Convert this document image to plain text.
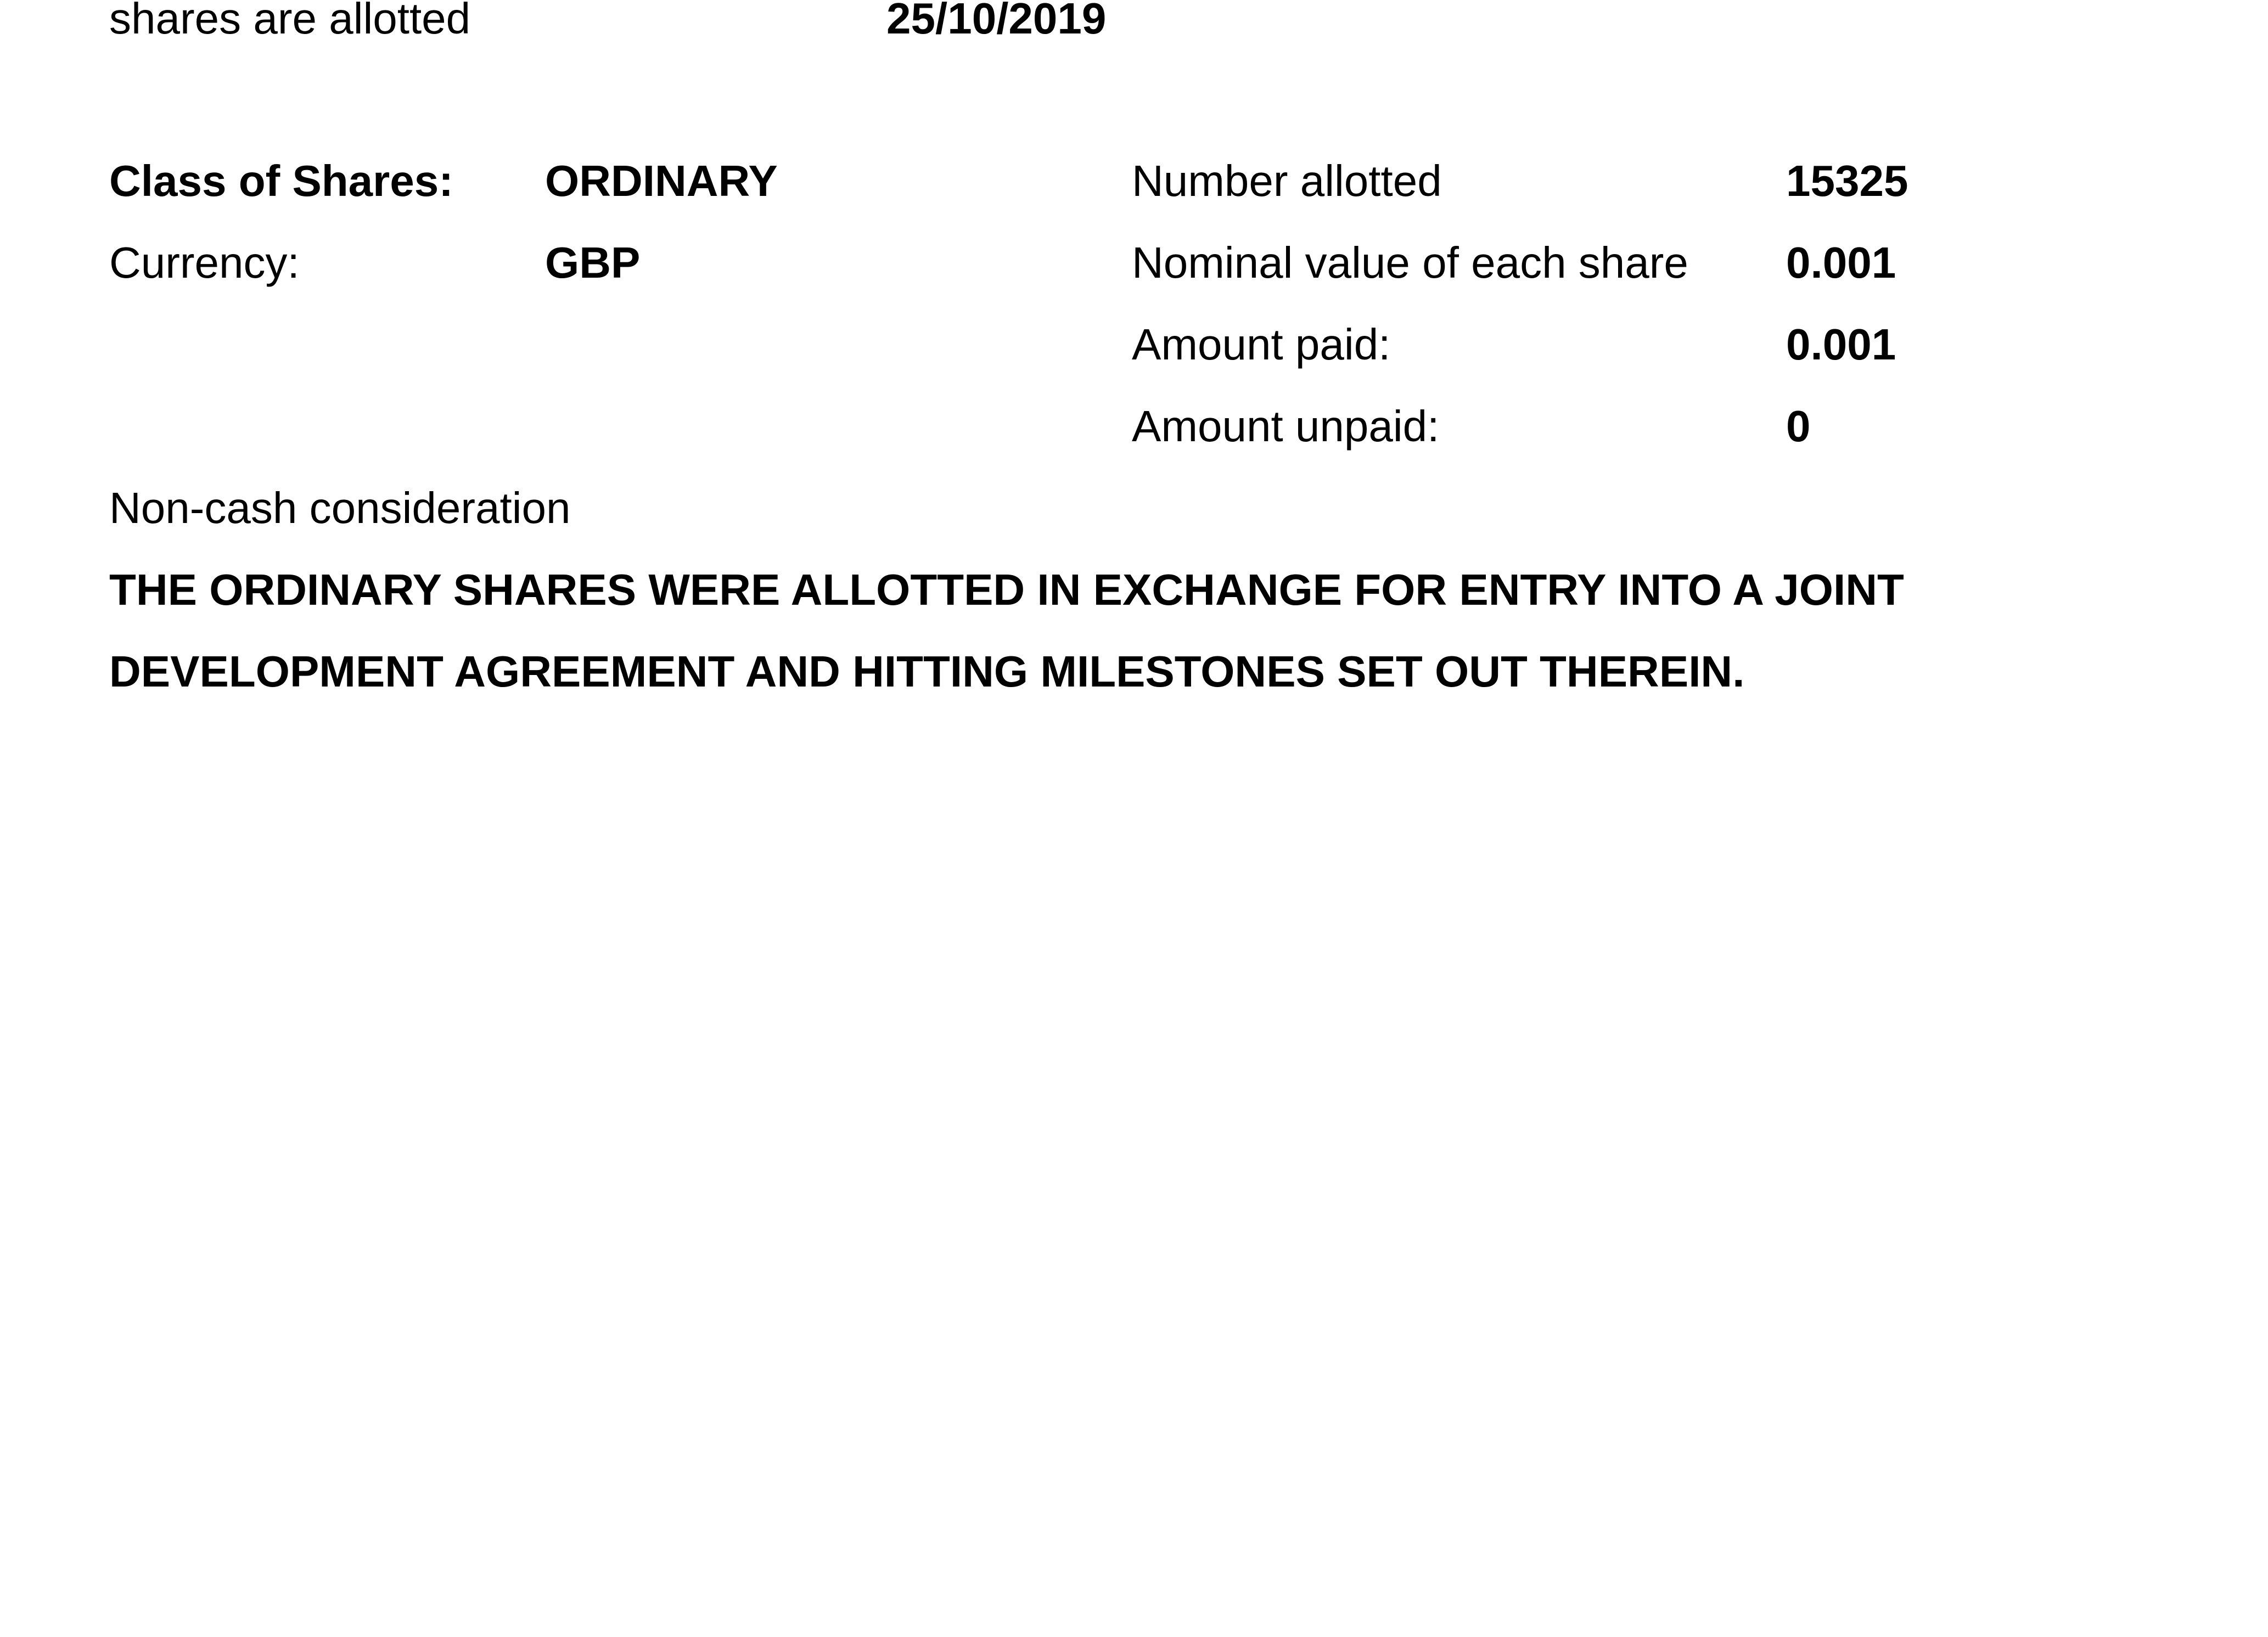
shares are allotted	25/10/2019
Class of Shares: ORDINARY	Number allotted	15325
Currency:	GBP	Nominal value of each share 0.001
Amount paid:	0.001
Amount unpaid:	0
Non-cash consideration
THE ORDINARY SHARES WERE ALLOTTED IN EXCHANGE FOR ENTRY INTO A JOINT
DEVELOPMENT AGREEMENT AND HITTING MILESTONES SET OUT THEREIN.
